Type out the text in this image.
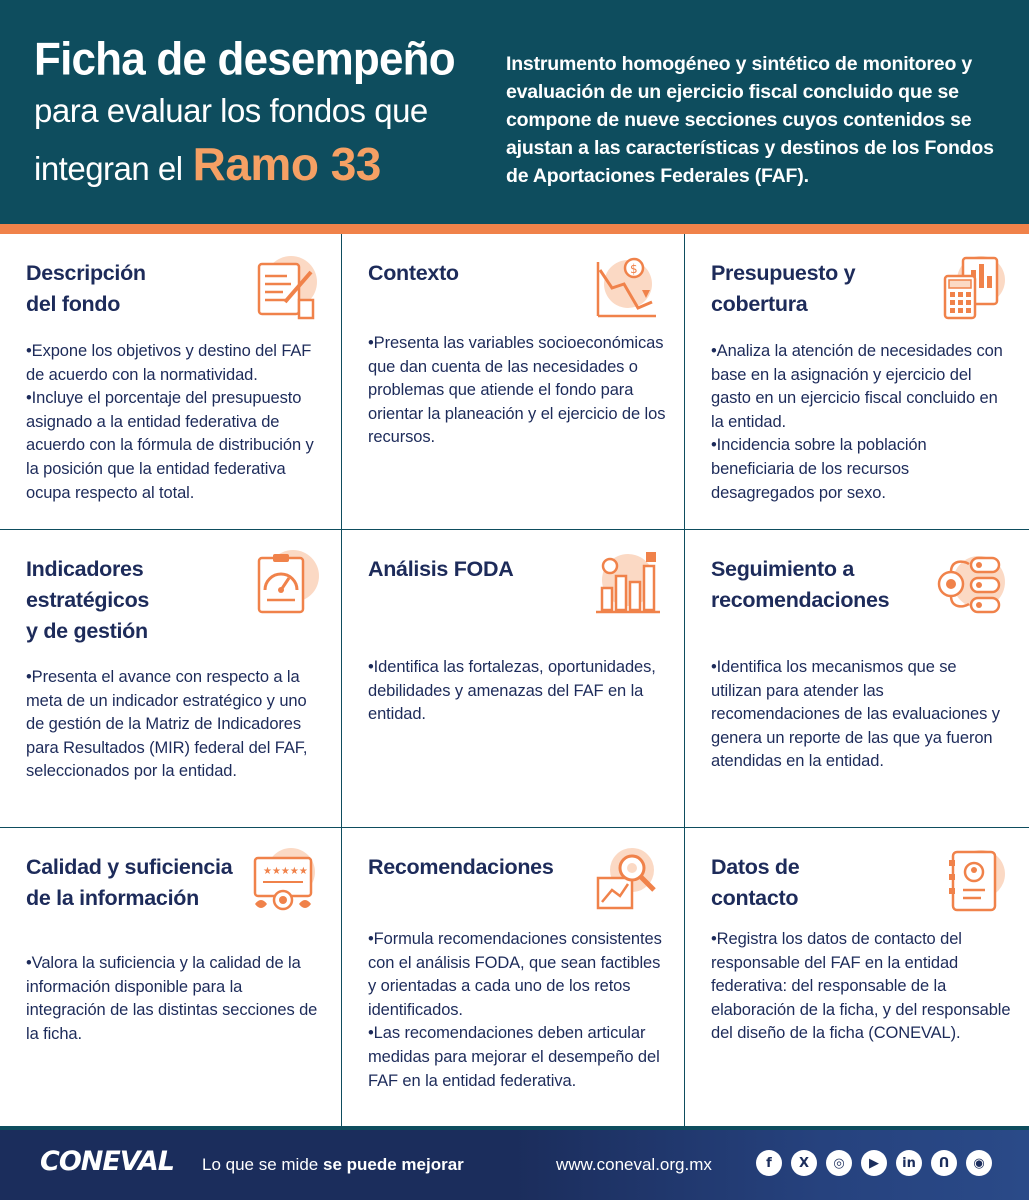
Ficha de desempeño
para evaluar los fondos que
integran el Ramo 33
Instrumento homogéneo y sintético de monitoreo y evaluación de un ejercicio fiscal concluido que se compone de nueve secciones cuyos contenidos se ajustan a las características y destinos de los Fondos de Aportaciones Federales (FAF).
Descripción
del fondo

•Expone los objetivos y destino del FAF de acuerdo con la normatividad.

•Incluye el porcentaje del presupuesto asignado a la entidad federativa de acuerdo con la fórmula de distribución y la posición que la entidad federativa ocupa respecto al total.

Contexto	$

•Presenta las variables socioeconómicas que dan cuenta de las necesidades o problemas que atiende el fondo para orientar la planeación y el ejercicio de los recursos.

Presupuesto y
cobertura

•Analiza la atención de necesidades con base en la asignación y ejercicio del gasto en un ejercicio fiscal concluido en la entidad.

•Incidencia sobre la población beneficiaria de los recursos desagregados por sexo.

Indicadores
estratégicos
y de gestión

•Presenta el avance con respecto a la meta de un indicador estratégico y uno de gestión de la Matriz de Indicadores para Resultados (MIR) federal del FAF, seleccionados por la entidad.

Análisis FODA

•Identifica las fortalezas, oportunidades, debilidades y amenazas del FAF en la entidad.

Seguimiento a
recomendaciones

•Identifica los mecanismos que se utilizan para atender las recomendaciones de las evaluaciones y genera un reporte de las que ya fueron atendidas en la entidad.

Calidad y suficiencia
de la información
★★★★★

•Valora la suficiencia y la calidad de la información disponible para la integración de las distintas secciones de la ficha.

Recomendaciones

•Formula recomendaciones consistentes con el análisis FODA, que sean factibles y orientadas a cada uno de los retos identificados.

•Las recomendaciones deben articular medidas para mejorar el desempeño del FAF en la entidad federativa.

Datos de
contacto

•Registra los datos de contacto del responsable del FAF en la entidad federativa: del responsable de la elaboración de la ficha, y del responsable del diseño de la ficha (CONEVAL).

CONEVAL Lo que se mide se puede mejorar	www.coneval.org.mx	f	X	◎	▶	in	ᑎ	◉
